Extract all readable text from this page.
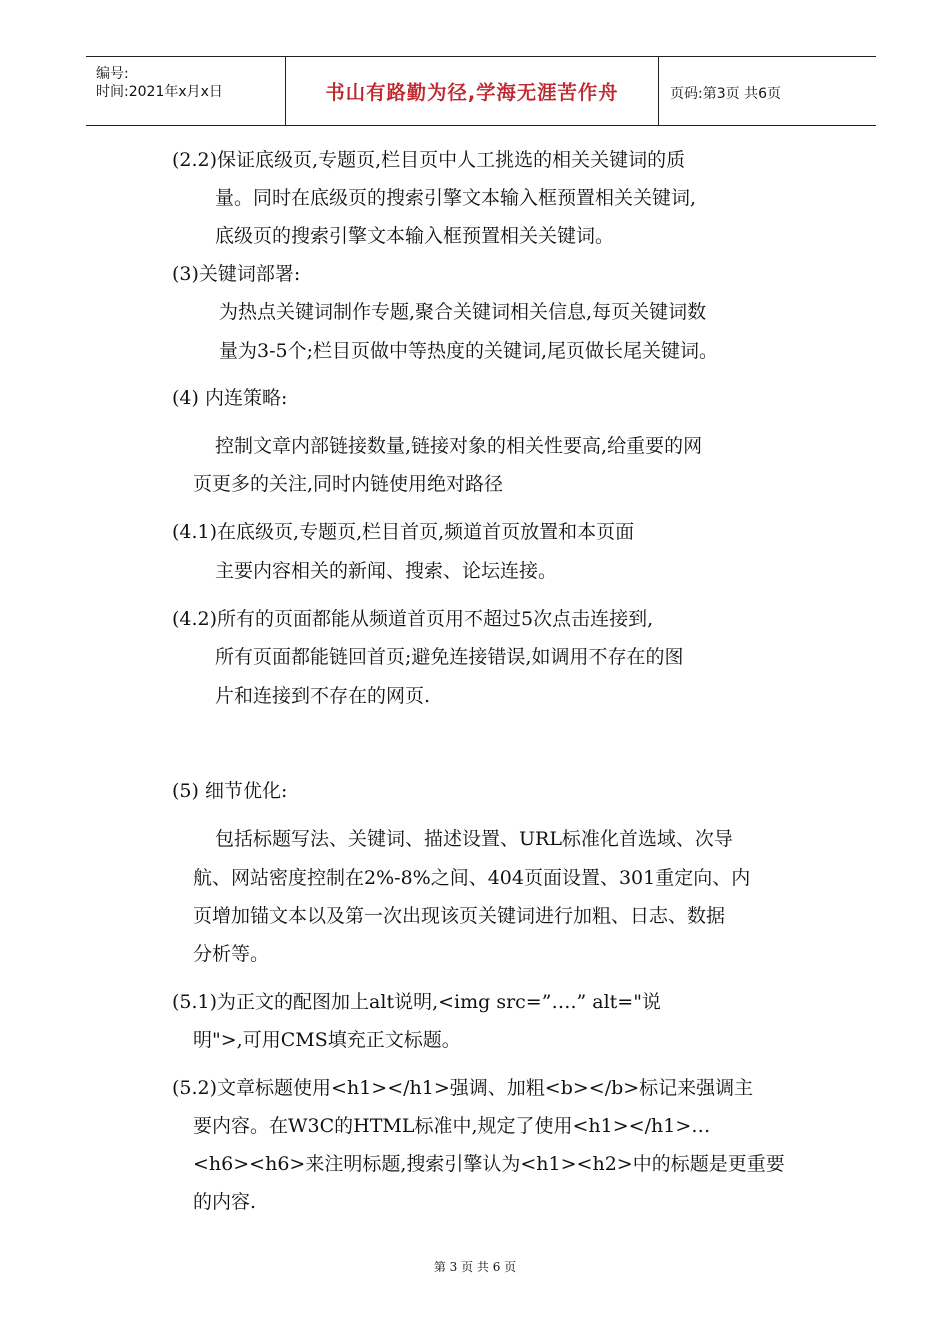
编号:
时间:2021年x月x日	书山有路勤为径,学海无涯苦作舟	页码:第3页 共6页
(2.2)保证底级页,专题页,栏目页中人工挑选的相关关键词的质
量。同时在底级页的搜索引擎文本输入框预置相关关键词,
底级页的搜索引擎文本输入框预置相关关键词。
(3)关键词部署:
为热点关键词制作专题,聚合关键词相关信息,每页关键词数
量为3-5个;栏目页做中等热度的关键词,尾页做长尾关键词。
(4) 内连策略:
控制文章内部链接数量,链接对象的相关性要高,给重要的网
页更多的关注,同时内链使用绝对路径
(4.1)在底级页,专题页,栏目首页,频道首页放置和本页面
主要内容相关的新闻、搜索、论坛连接。
(4.2)所有的页面都能从频道首页用不超过5次点击连接到,
所有页面都能链回首页;避免连接错误,如调用不存在的图
片和连接到不存在的网页.
(5) 细节优化:
包括标题写法、关键词、描述设置、URL标准化首选域、次导
航、网站密度控制在2%-8%之间、404页面设置、301重定向、内
页增加锚文本以及第一次出现该页关键词进行加粗、日志、数据
分析等。
(5.1)为正文的配图加上alt说明,<img src=”….” alt="说
明">,可用CMS填充正文标题。
(5.2)文章标题使用<h1></h1>强调、加粗<b></b>标记来强调主
要内容。在W3C的HTML标准中,规定了使用<h1></h1>…
<h6><h6>来注明标题,搜索引擎认为<h1><h2>中的标题是更重要
的内容.
第 3 页 共 6 页
